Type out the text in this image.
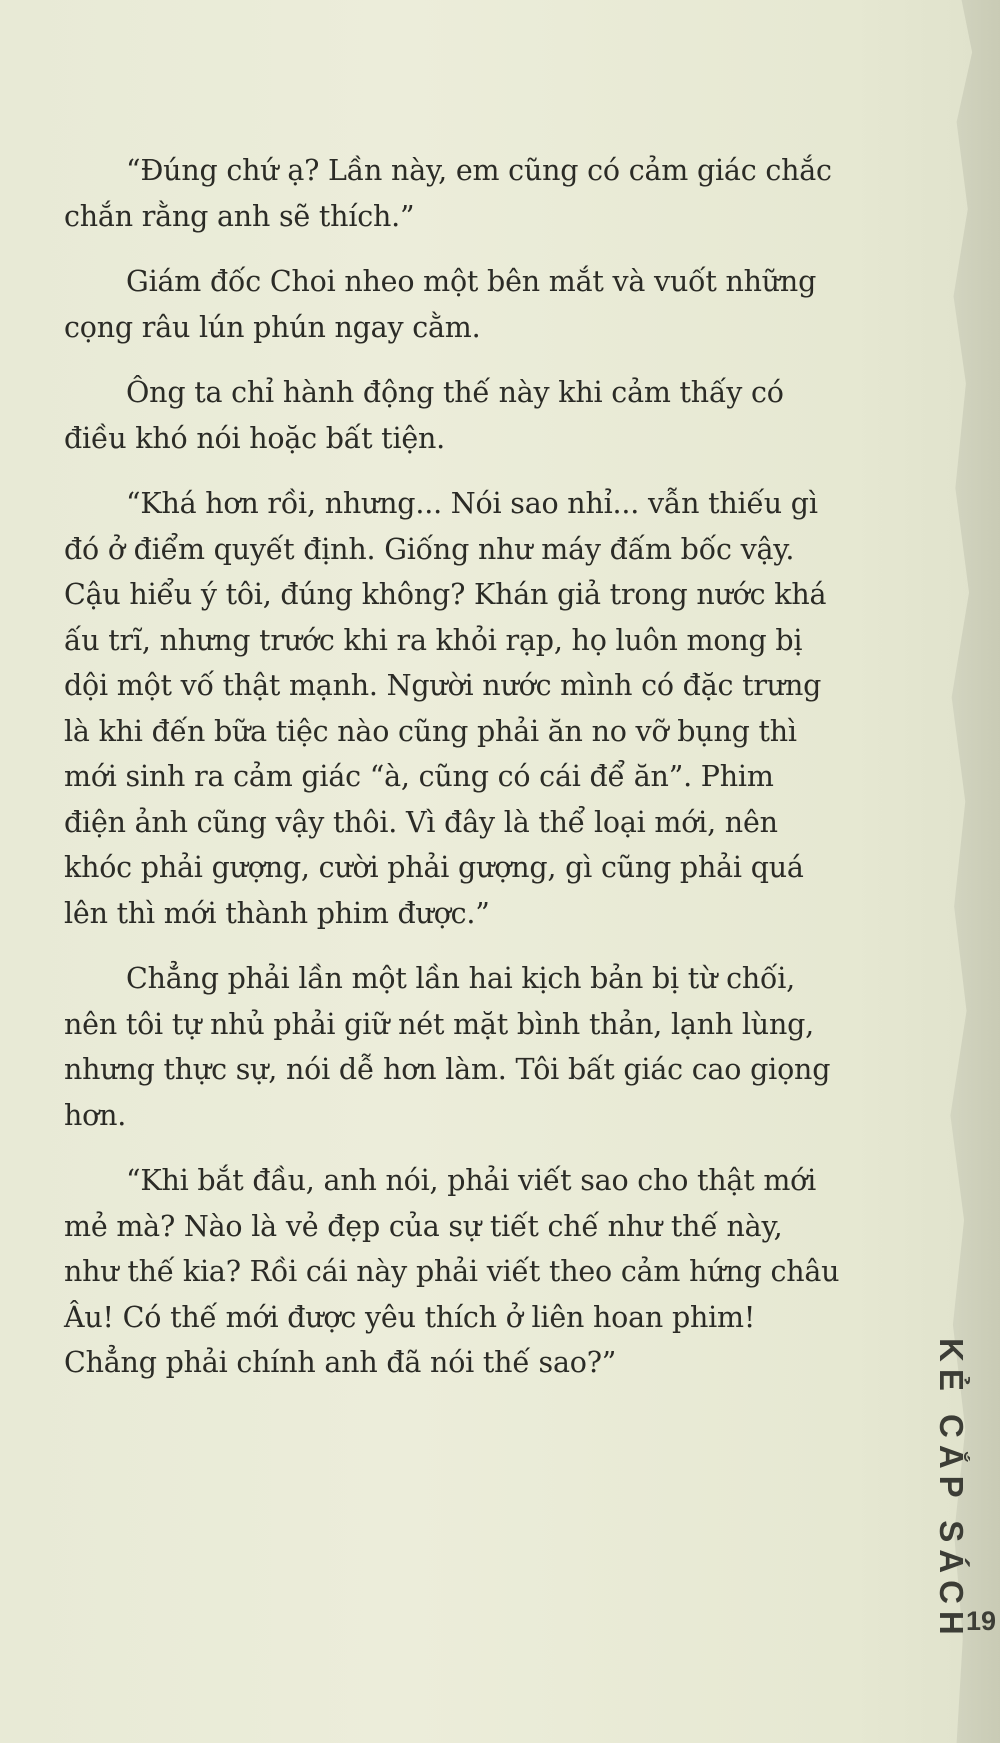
“Đúng chứ ạ? Lần này, em cũng có cảm giác chắc chắn rằng anh sẽ thích.”

Giám đốc Choi nheo một bên mắt và vuốt những cọng râu lún phún ngay cằm.

Ông ta chỉ hành động thế này khi cảm thấy có điều khó nói hoặc bất tiện.

“Khá hơn rồi, nhưng... Nói sao nhỉ... vẫn thiếu gì đó ở điểm quyết định. Giống như máy đấm bốc vậy. Cậu hiểu ý tôi, đúng không? Khán giả trong nước khá ấu trĩ, nhưng trước khi ra khỏi rạp, họ luôn mong bị dội một vố thật mạnh. Người nước mình có đặc trưng là khi đến bữa tiệc nào cũng phải ăn no vỡ bụng thì mới sinh ra cảm giác “à, cũng có cái để ăn”. Phim điện ảnh cũng vậy thôi. Vì đây là thể loại mới, nên khóc phải gượng, cười phải gượng, gì cũng phải quá lên thì mới thành phim được.”

Chẳng phải lần một lần hai kịch bản bị từ chối, nên tôi tự nhủ phải giữ nét mặt bình thản, lạnh lùng, nhưng thực sự, nói dễ hơn làm. Tôi bất giác cao giọng hơn.

“Khi bắt đầu, anh nói, phải viết sao cho thật mới mẻ mà? Nào là vẻ đẹp của sự tiết chế như thế này, như thế kia? Rồi cái này phải viết theo cảm hứng châu Âu! Có thế mới được yêu thích ở liên hoan phim! Chẳng phải chính anh đã nói thế sao?”	KẺ CẮP SÁCH
19
